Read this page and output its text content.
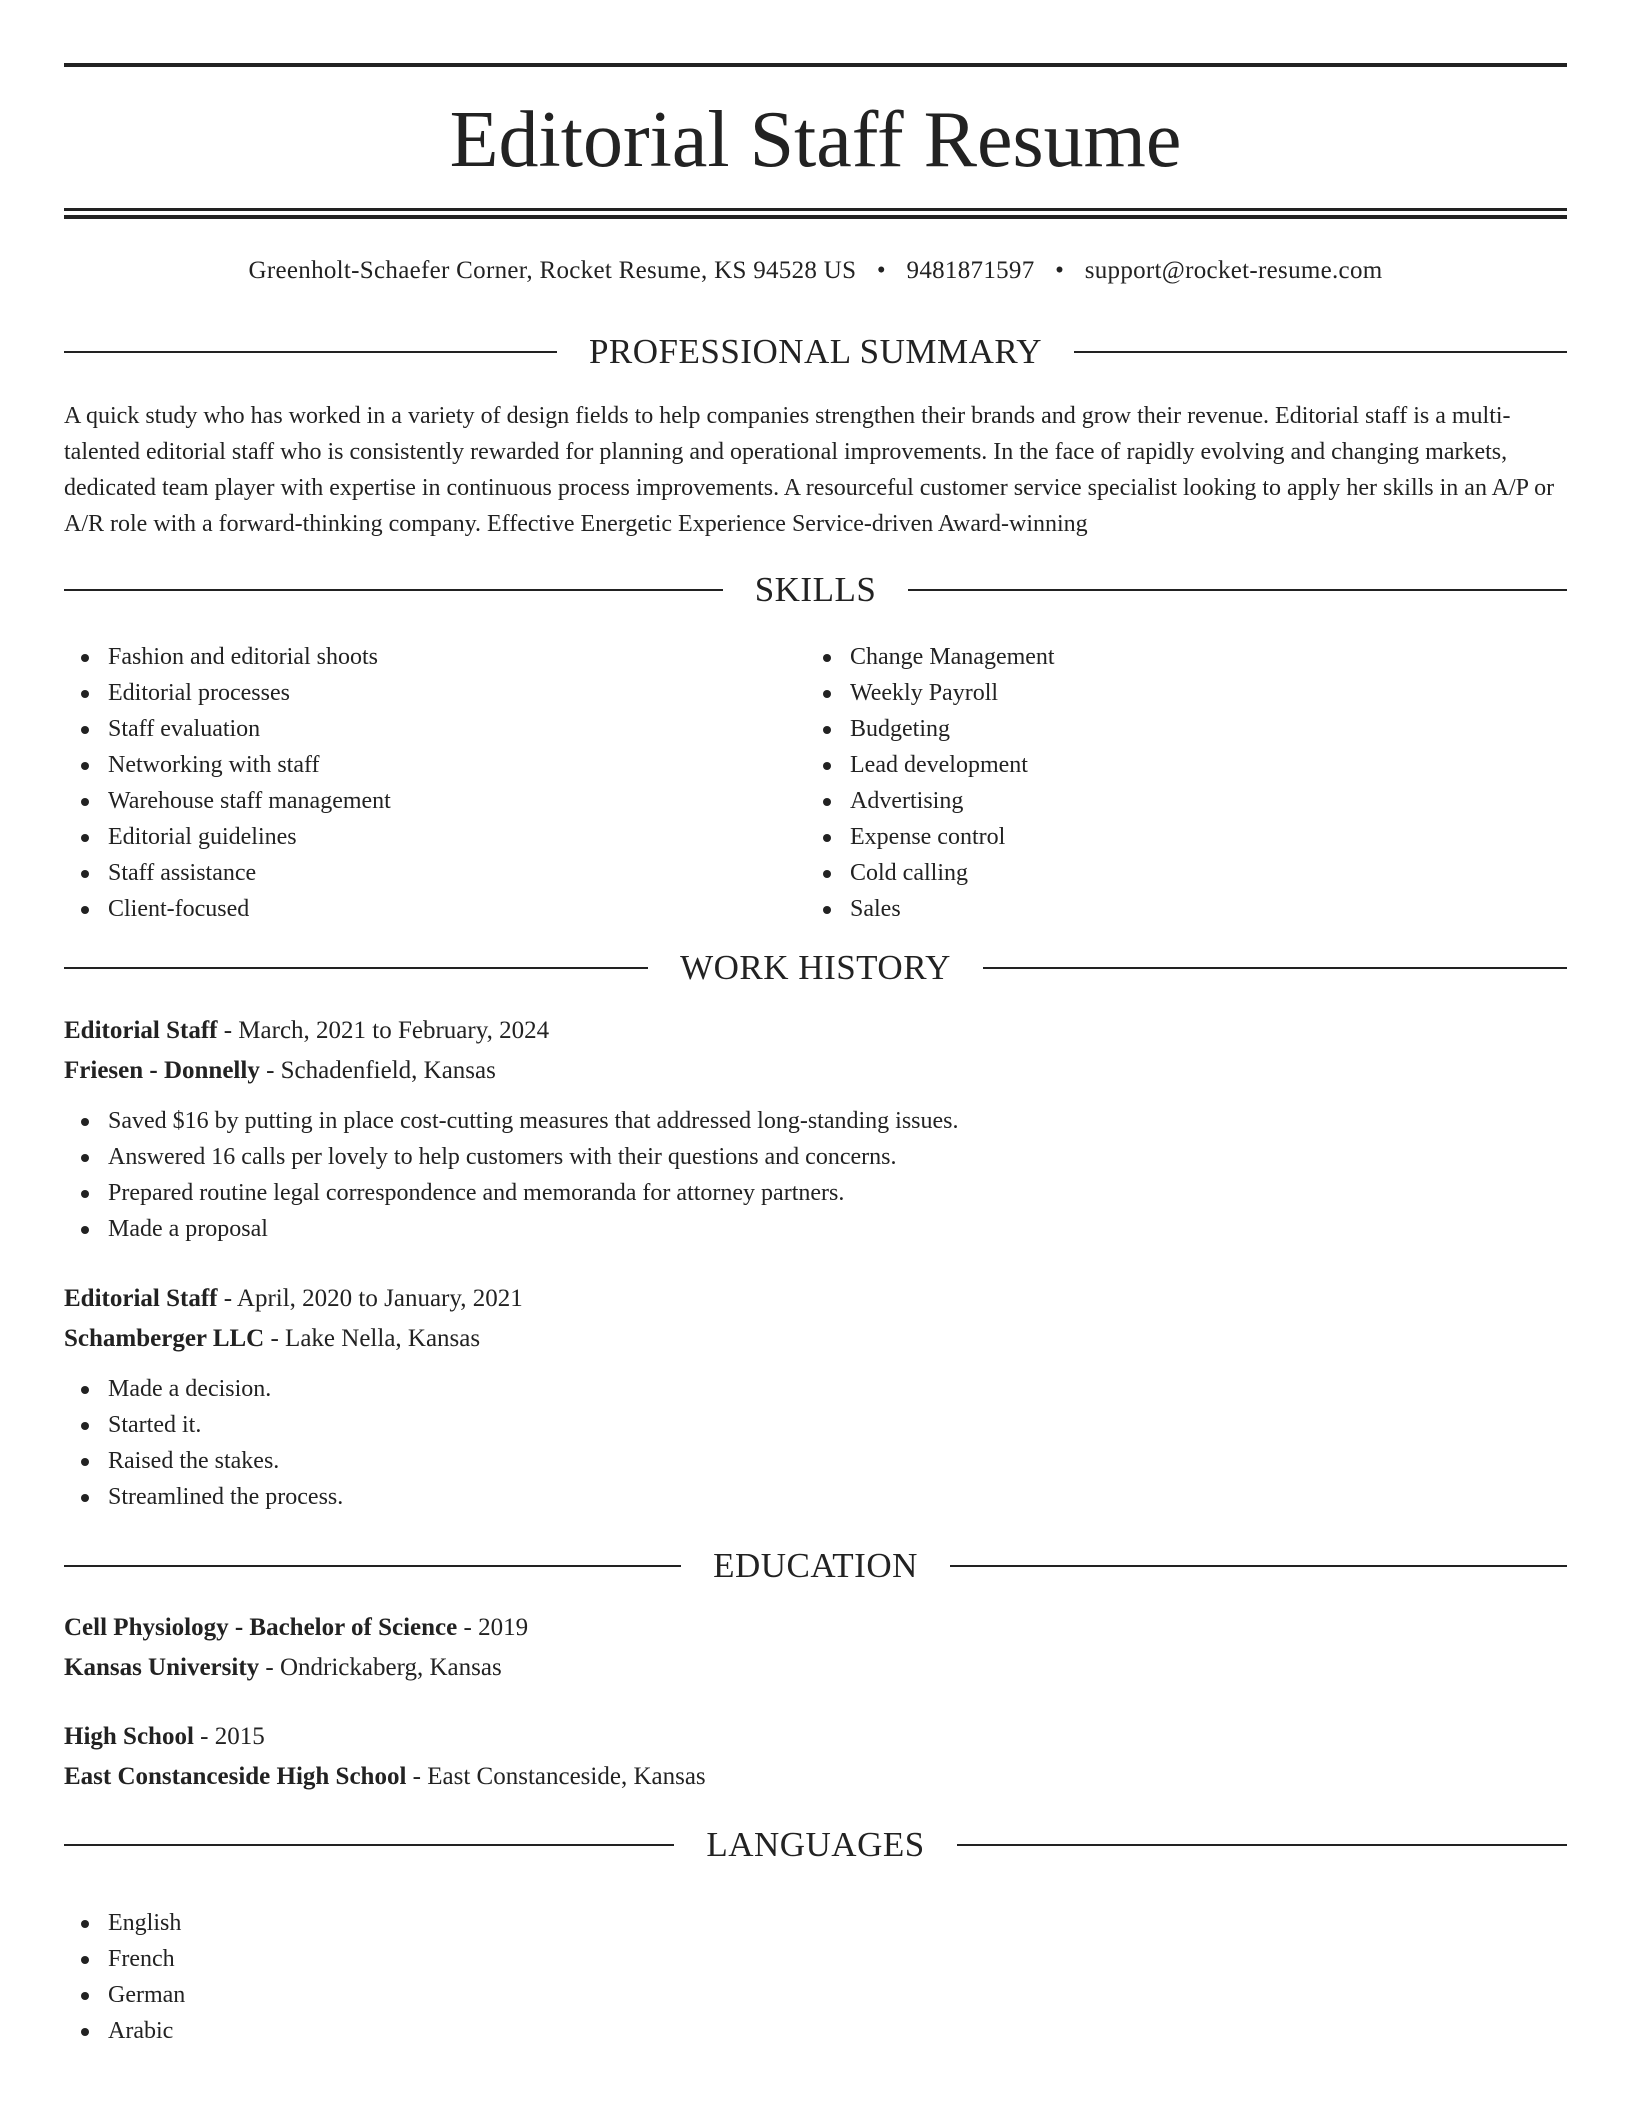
Editorial Staff Resume
Greenholt-Schaefer Corner, Rocket Resume, KS 94528 US • 9481871597 • support@rocket-resume.com
PROFESSIONAL SUMMARY

A quick study who has worked in a variety of design fields to help companies strengthen their brands and grow their revenue. Editorial staff is a multi-talented editorial staff who is consistently rewarded for planning and operational improvements. In the face of rapidly evolving and changing markets, dedicated team player with expertise in continuous process improvements. A resourceful customer service specialist looking to apply her skills in an A/P or A/R role with a forward-thinking company. Effective Energetic Experience Service-driven Award-winning

SKILLS
Fashion and editorial shoots
Editorial processes
Staff evaluation
Networking with staff
Warehouse staff management
Editorial guidelines
Staff assistance
Client-focused
Change Management
Weekly Payroll
Budgeting
Lead development
Advertising
Expense control
Cold calling
Sales
WORK HISTORY
Editorial Staff - March, 2021 to February, 2024
Friesen - Donnelly - Schadenfield, Kansas
Saved $16 by putting in place cost-cutting measures that addressed long-standing issues.
Answered 16 calls per lovely to help customers with their questions and concerns.
Prepared routine legal correspondence and memoranda for attorney partners.
Made a proposal
Editorial Staff - April, 2020 to January, 2021
Schamberger LLC - Lake Nella, Kansas
Made a decision.
Started it.
Raised the stakes.
Streamlined the process.
EDUCATION
Cell Physiology - Bachelor of Science - 2019
Kansas University - Ondrickaberg, Kansas
High School - 2015
East Constanceside High School - East Constanceside, Kansas
LANGUAGES
English
French
German
Arabic
